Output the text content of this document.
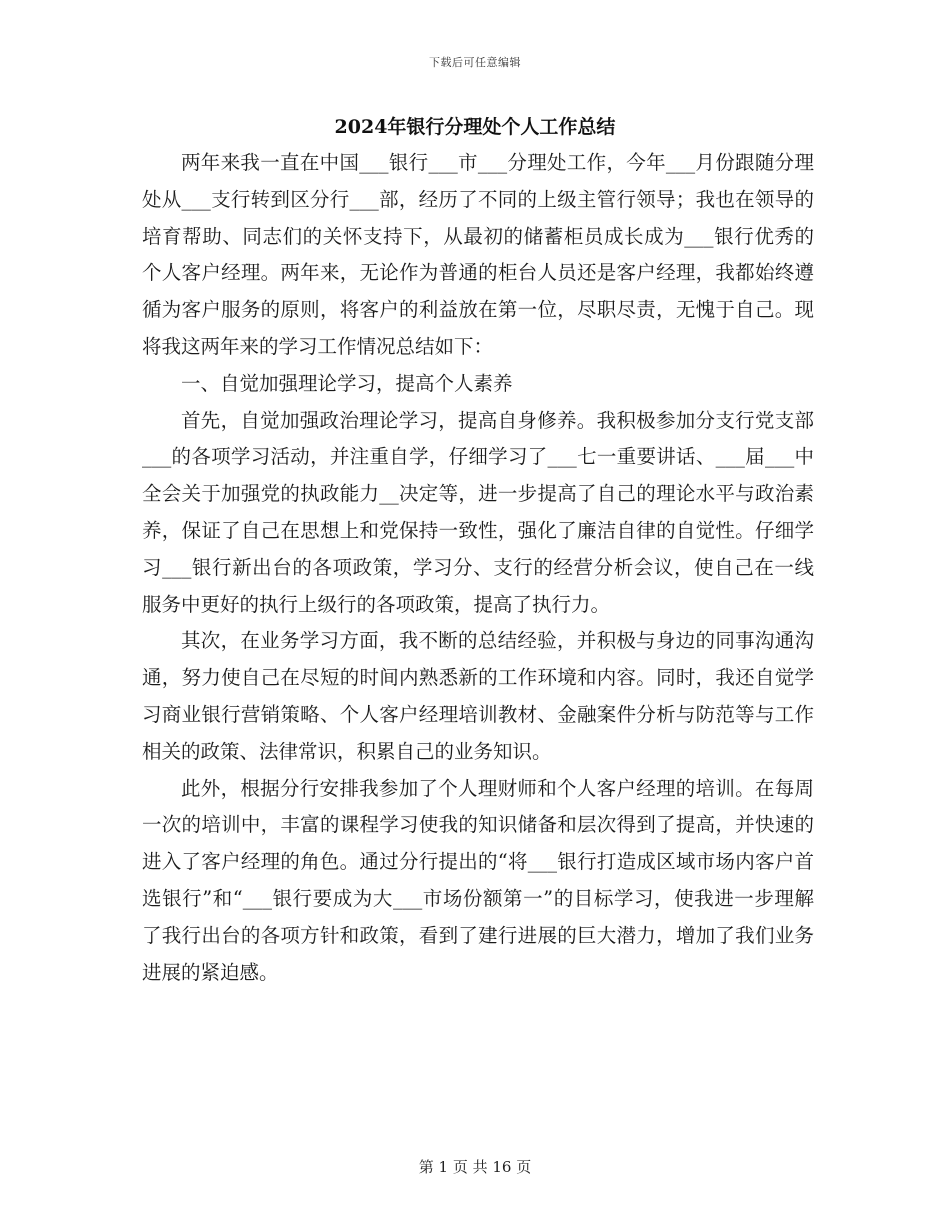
下载后可任意编辑
2024年银行分理处个人工作总结

两年来我一直在中国___银行___市___分理处工作，今年___月份跟随分理处从___支行转到区分行___部，经历了不同的上级主管行领导；我也在领导的培育帮助、同志们的关怀支持下，从最初的储蓄柜员成长成为___银行优秀的个人客户经理。两年来，无论作为普通的柜台人员还是客户经理，我都始终遵循为客户服务的原则，将客户的利益放在第一位，尽职尽责，无愧于自己。现将我这两年来的学习工作情况总结如下：

一、自觉加强理论学习，提高个人素养

首先，自觉加强政治理论学习，提高自身修养。我积极参加分支行党支部___的各项学习活动，并注重自学，仔细学习了___七一重要讲话、___届___中全会关于加强党的执政能力__决定等，进一步提高了自己的理论水平与政治素养，保证了自己在思想上和党保持一致性，强化了廉洁自律的自觉性。仔细学习___银行新出台的各项政策，学习分、支行的经营分析会议，使自己在一线服务中更好的执行上级行的各项政策，提高了执行力。

其次，在业务学习方面，我不断的总结经验，并积极与身边的同事沟通沟通，努力使自己在尽短的时间内熟悉新的工作环境和内容。同时，我还自觉学习商业银行营销策略、个人客户经理培训教材、金融案件分析与防范等与工作相关的政策、法律常识，积累自己的业务知识。

此外，根据分行安排我参加了个人理财师和个人客户经理的培训。在每周一次的培训中，丰富的课程学习使我的知识储备和层次得到了提高，并快速的进入了客户经理的角色。通过分行提出的“将___银行打造成区域市场内客户首选银行”和“___银行要成为大___市场份额第一”的目标学习，使我进一步理解了我行出台的各项方针和政策，看到了建行进展的巨大潜力，增加了我们业务进展的紧迫感。

第 1 页 共 16 页
